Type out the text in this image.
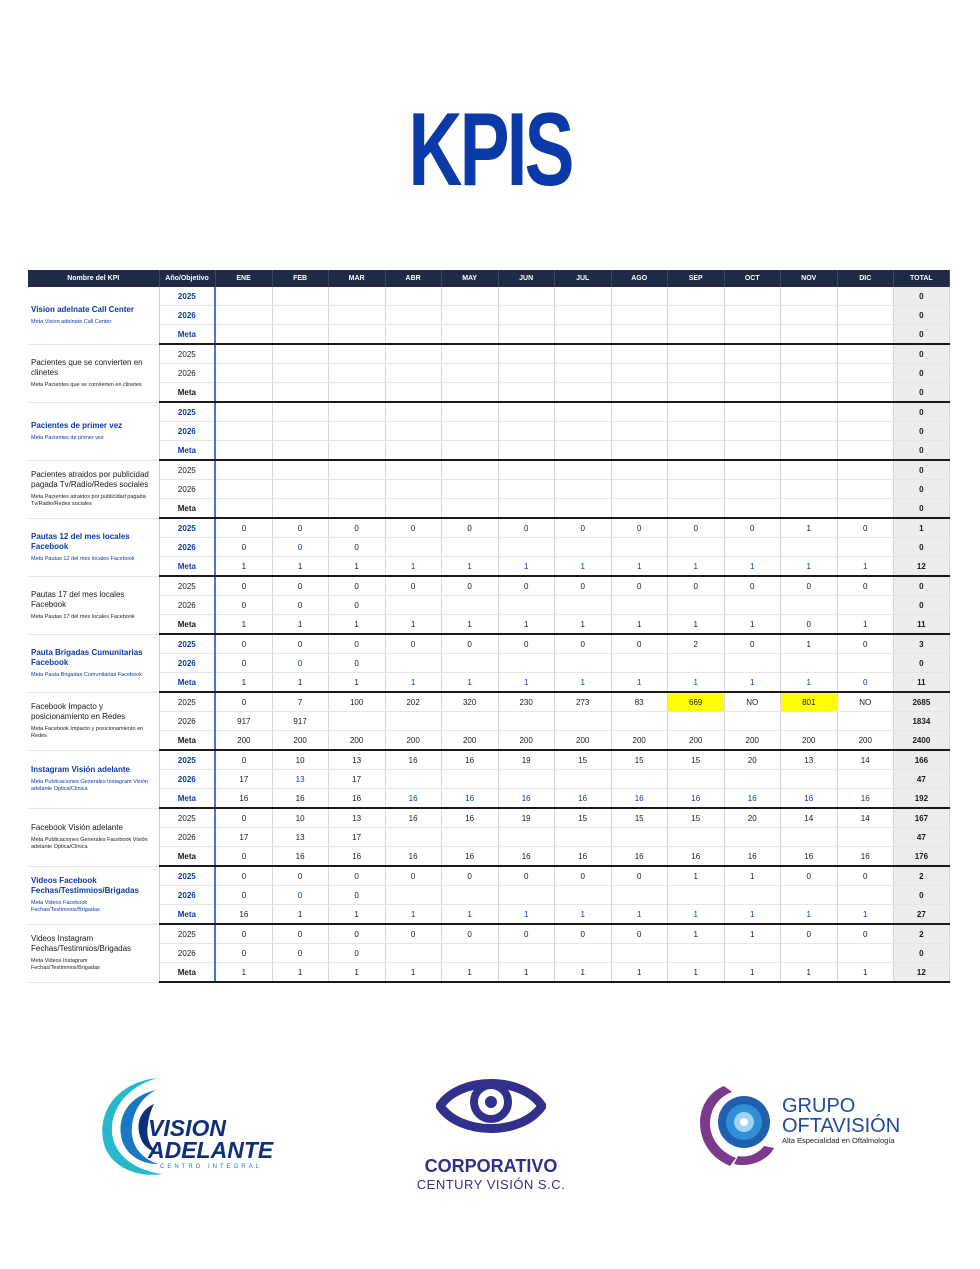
KPIS
Nombre del KPI	Año/Objetivo	ENE	FEB	MAR	ABR	MAY	JUN	JUL	AGO	SEP	OCT	NOV	DIC	TOTAL

Vision adelnate Call Center
Meta Vision adelnate Call Center	2025													0
	2026													0
	Meta													0

Pacientes que se convierten en clinetes
Meta Pacientes que se convierten en clinetes	2025													0
	2026													0
	Meta													0

Pacientes de primer vez
Meta Pacientes de primer vez	2025													0
	2026													0
	Meta													0

Pacientes atraidos por publicidad pagada Tv/Radio/Redes sociales
Meta Pacientes atraidos por publicidad pagada Tv/Radio/Redes sociales	2025													0
	2026													0
	Meta													0

Pautas 12 del mes locales Facebook
Meta Pautas 12 del mes locales Facebook	2025	0	0	0	0	0	0	0	0	0	0	1	0	1
	2026	0	0	0										0
	Meta	1	1	1	1	1	1	1	1	1	1	1	1	12

Pautas 17 del mes locales Facebook
Meta Pautas 17 del mes locales Facebook	2025	0	0	0	0	0	0	0	0	0	0	0	0	0
	2026	0	0	0										0
	Meta	1	1	1	1	1	1	1	1	1	1	0	1	11

Pauta Brigadas Cumunitarias Facebook
Meta Pauta Brigadas Cumunitarias Facebook	2025	0	0	0	0	0	0	0	0	2	0	1	0	3
	2026	0	0	0										0
	Meta	1	1	1	1	1	1	1	1	1	1	1	0	11

Facebook Impacto y posicionamiento en Redes
Meta Facebook Impacto y posicionamiento en Redes	2025	0	7	100	202	320	230	273	83	669	NO	801	NO	2685
	2026	917	917											1834
	Meta	200	200	200	200	200	200	200	200	200	200	200	200	2400

Instagram Visión adelante
Meta Publicaciones Generales Instagram Visión adelante Optica/Clinica	2025	0	10	13	16	16	19	15	15	15	20	13	14	166
	2026	17	13	17										47
	Meta	16	16	16	16	16	16	16	16	16	16	16	16	192

Facebook Visión adelante
Meta Publicaciones Generales Facebook Visión adelante Optica/Clinica	2025	0	10	13	16	16	19	15	15	15	20	14	14	167
	2026	17	13	17										47
	Meta	0	16	16	16	16	16	16	16	16	16	16	16	176

Videos Facebook Fechas/Testimnios/Brigadas
Meta Videos Facebook Fechas/Testimnios/Brigadas	2025	0	0	0	0	0	0	0	0	1	1	0	0	2
	2026	0	0	0										0
	Meta	16	1	1	1	1	1	1	1	1	1	1	1	27

Videos Instagram Fechas/Testimnios/Brigadas
Meta Videos Instagram Fechas/Testimnios/Brigadas	2025	0	0	0	0	0	0	0	0	1	1	0	0	2
	2026	0	0	0										0
	Meta	1	1	1	1	1	1	1	1	1	1	1	1	12
VISION
ADELANTE
CENTRO INTEGRAL	CORPORATIVO
CENTURY VISIÓN S.C.
GRUPO
OFTAVISIÓN
Alta Especialidad en Oftalmología
